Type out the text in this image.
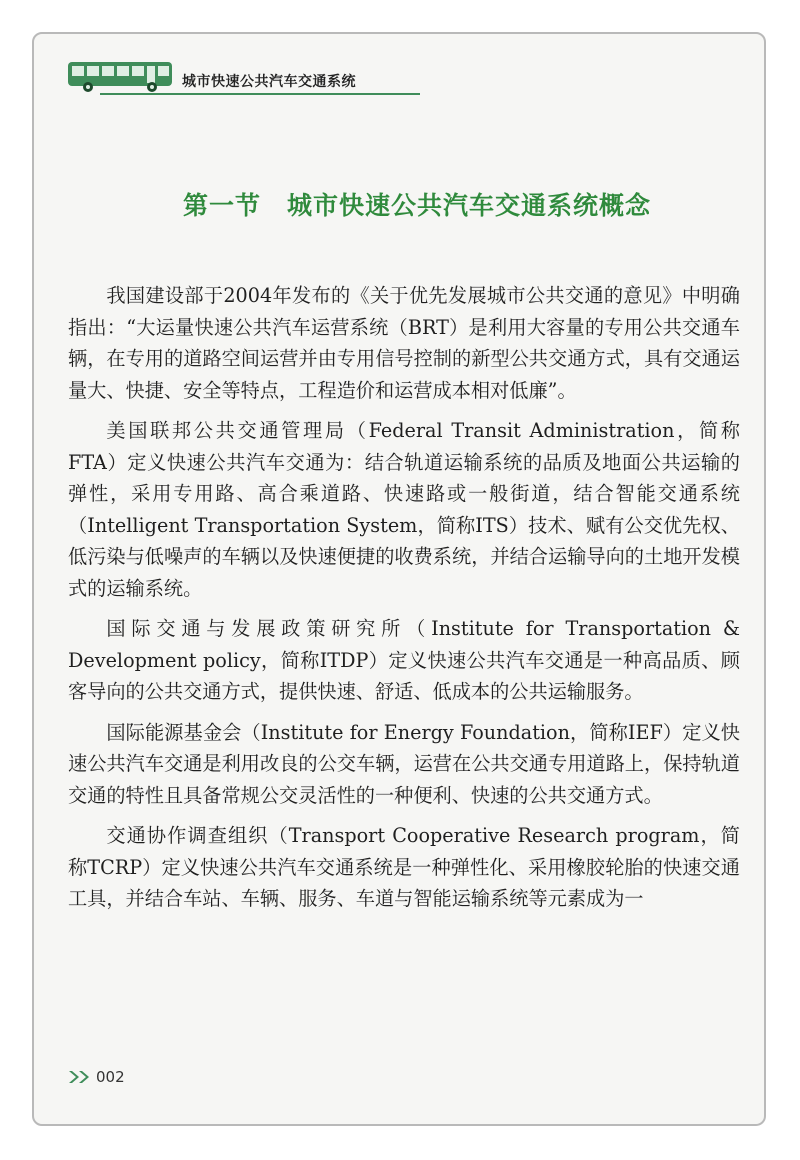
城市快速公共汽车交通系统
第一节　城市快速公共汽车交通系统概念

我国建设部于2004年发布的《关于优先发展城市公共交通的意见》中明确指出：“大运量快速公共汽车运营系统（BRT）是利用大容量的专用公共交通车辆，在专用的道路空间运营并由专用信号控制的新型公共交通方式，具有交通运量大、快捷、安全等特点，工程造价和运营成本相对低廉”。

美国联邦公共交通管理局（Federal Transit Administration，简称FTA）定义快速公共汽车交通为：结合轨道运输系统的品质及地面公共运输的弹性，采用专用路、高合乘道路、快速路或一般街道，结合智能交通系统（Intelligent Transportation System，简称ITS）技术、赋有公交优先权、低污染与低噪声的车辆以及快速便捷的收费系统，并结合运输导向的土地开发模式的运输系统。

国际交通与发展政策研究所（Institute for Transportation & Development policy，简称ITDP）定义快速公共汽车交通是一种高品质、顾客导向的公共交通方式，提供快速、舒适、低成本的公共运输服务。

国际能源基金会（Institute for Energy Foundation，简称IEF）定义快速公共汽车交通是利用改良的公交车辆，运营在公共交通专用道路上，保持轨道交通的特性且具备常规公交灵活性的一种便利、快速的公共交通方式。

交通协作调查组织（Transport Cooperative Research program，简称TCRP）定义快速公共汽车交通系统是一种弹性化、采用橡胶轮胎的快速交通工具，并结合车站、车辆、服务、车道与智能运输系统等元素成为一

002
